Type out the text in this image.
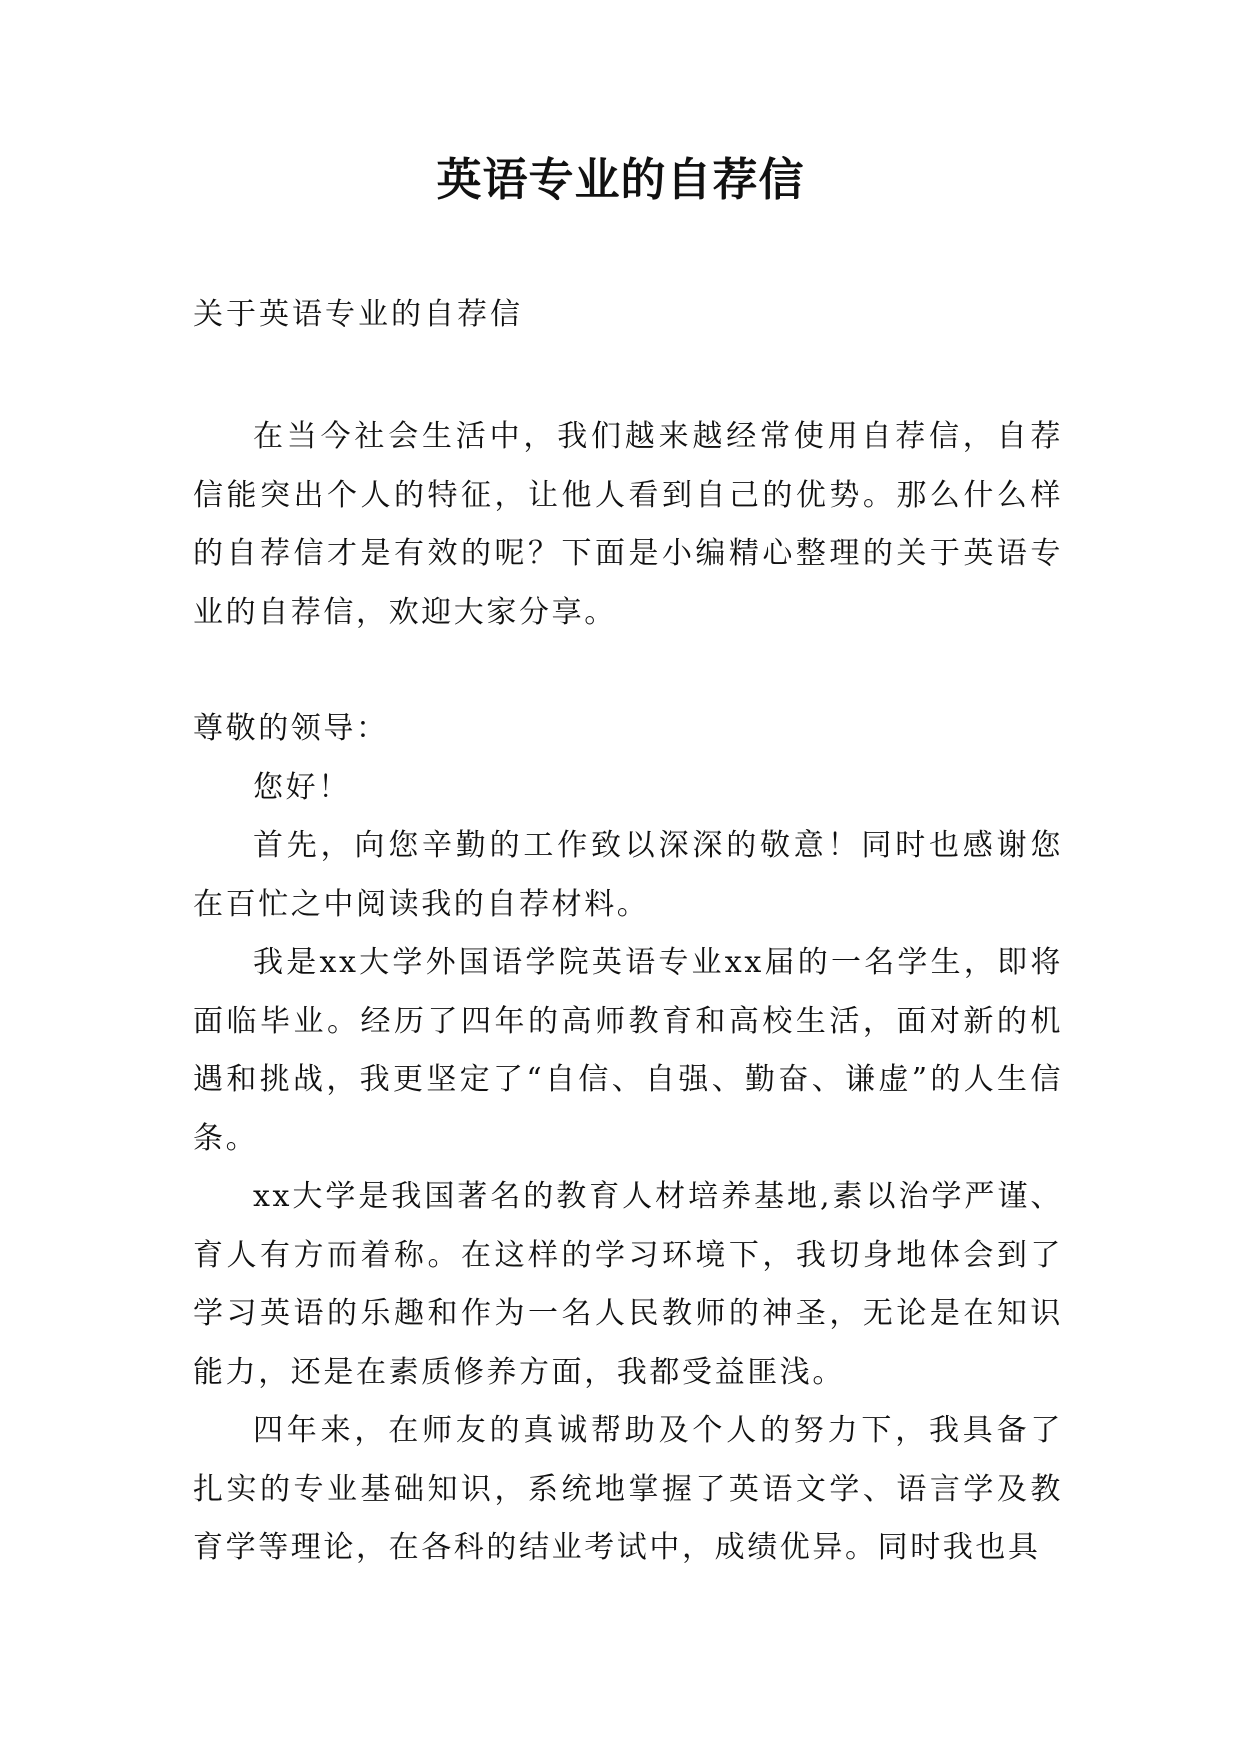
英语专业的自荐信

关于英语专业的自荐信

在当今社会生活中，我们越来越经常使用自荐信，自荐信能突出个人的特征，让他人看到自己的优势。那么什么样的自荐信才是有效的呢？下面是小编精心整理的关于英语专业的自荐信，欢迎大家分享。

尊敬的领导：

您好！

首先，向您辛勤的工作致以深深的敬意！同时也感谢您在百忙之中阅读我的自荐材料。

我是xx大学外国语学院英语专业xx届的一名学生，即将面临毕业。经历了四年的高师教育和高校生活，面对新的机遇和挑战，我更坚定了“自信、自强、勤奋、谦虚”的人生信条。

xx大学是我国著名的教育人材培养基地,素以治学严谨、育人有方而着称。在这样的学习环境下，我切身地体会到了学习英语的乐趣和作为一名人民教师的神圣，无论是在知识能力，还是在素质修养方面，我都受益匪浅。

四年来，在师友的真诚帮助及个人的努力下，我具备了扎实的专业基础知识，系统地掌握了英语文学、语言学及教育学等理论，在各科的结业考试中，成绩优异。同时我也具
